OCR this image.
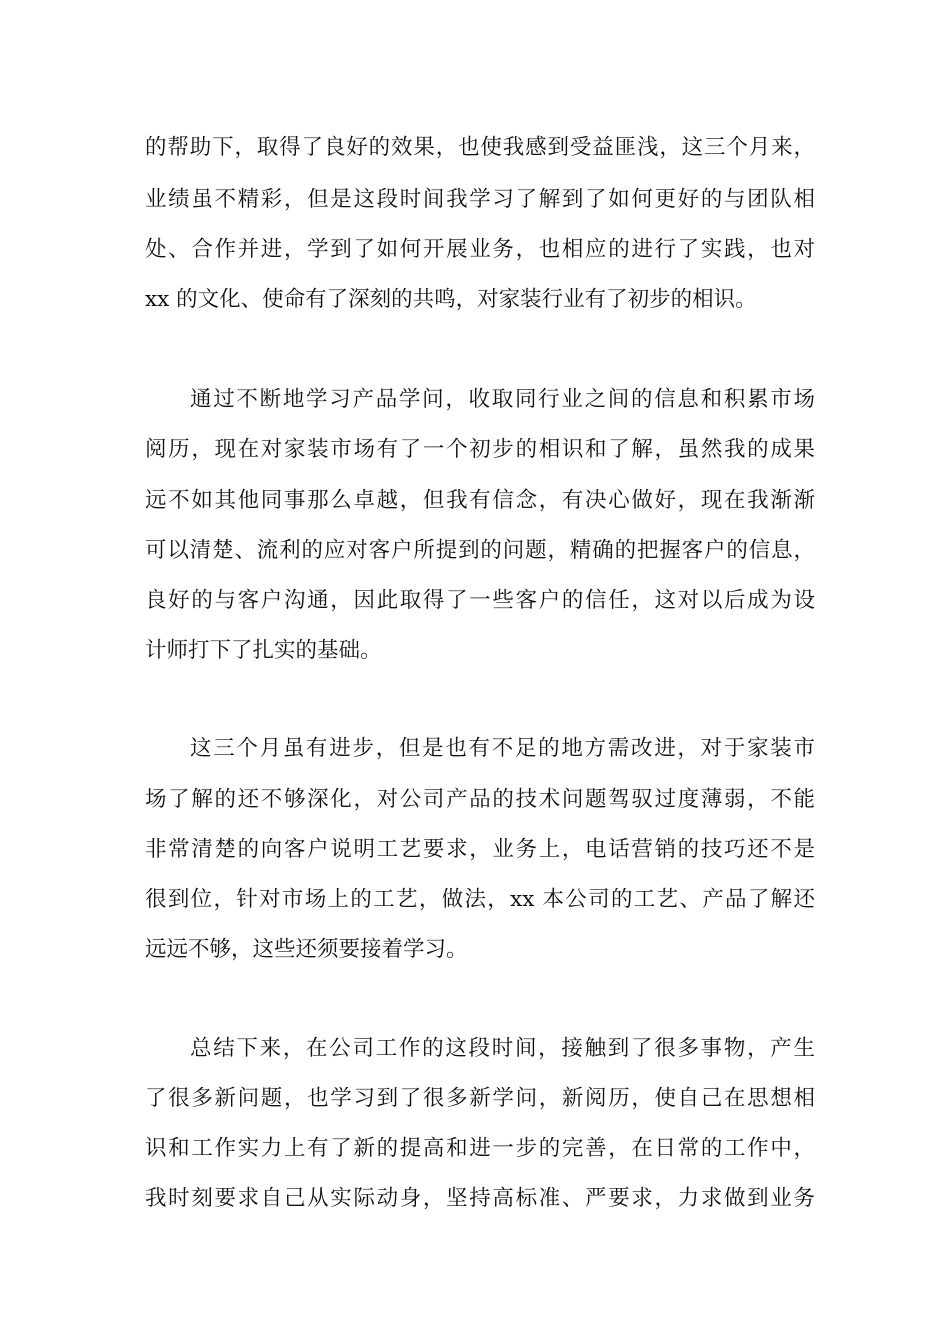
的帮助下，取得了良好的效果，也使我感到受益匪浅，这三个月来，
业绩虽不精彩，但是这段时间我学习了解到了如何更好的与团队相
处、合作并进，学到了如何开展业务，也相应的进行了实践，也对
xx 的文化、使命有了深刻的共鸣，对家装行业有了初步的相识。
通过不断地学习产品学问，收取同行业之间的信息和积累市场
阅历，现在对家装市场有了一个初步的相识和了解，虽然我的成果
远不如其他同事那么卓越，但我有信念，有决心做好，现在我渐渐
可以清楚、流利的应对客户所提到的问题，精确的把握客户的信息，
良好的与客户沟通，因此取得了一些客户的信任，这对以后成为设
计师打下了扎实的基础。
这三个月虽有进步，但是也有不足的地方需改进，对于家装市
场了解的还不够深化，对公司产品的技术问题驾驭过度薄弱，不能
非常清楚的向客户说明工艺要求，业务上，电话营销的技巧还不是
很到位，针对市场上的工艺，做法，xx 本公司的工艺、产品了解还
远远不够，这些还须要接着学习。
总结下来，在公司工作的这段时间，接触到了很多事物，产生
了很多新问题，也学习到了很多新学问，新阅历，使自己在思想相
识和工作实力上有了新的提高和进一步的完善，在日常的工作中，
我时刻要求自己从实际动身，坚持高标准、严要求，力求做到业务
